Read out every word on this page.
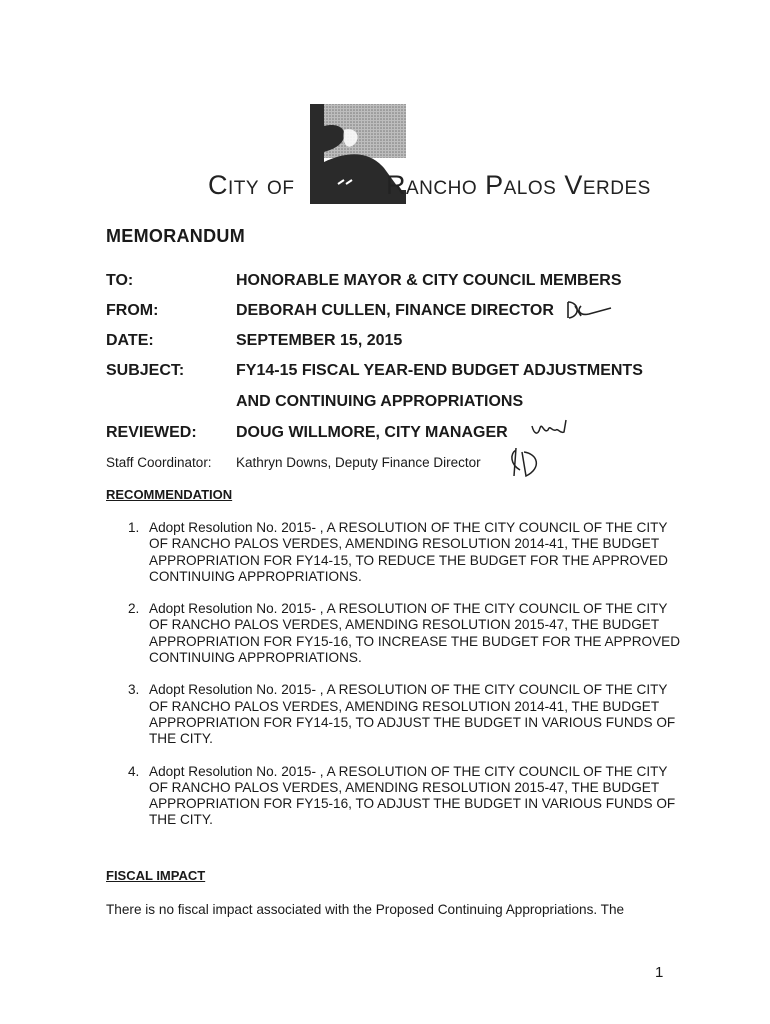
City of	Rancho Palos Verdes
MEMORANDUM
TO:	HONORABLE MAYOR & CITY COUNCIL MEMBERS
FROM:	DEBORAH CULLEN, FINANCE DIRECTOR
DATE:	SEPTEMBER 15, 2015
SUBJECT:	FY14-15 FISCAL YEAR-END BUDGET ADJUSTMENTS
AND CONTINUING APPROPRIATIONS
REVIEWED: DOUG WILLMORE, CITY MANAGER
Staff Coordinator: Kathryn Downs, Deputy Finance Director
RECOMMENDATION
1. Adopt Resolution No. 2015- , A RESOLUTION OF THE CITY COUNCIL OF THE CITY OF RANCHO PALOS VERDES, AMENDING RESOLUTION 2014-41, THE BUDGET APPROPRIATION FOR FY14-15, TO REDUCE THE BUDGET FOR THE APPROVED CONTINUING APPROPRIATIONS.
2. Adopt Resolution No. 2015- , A RESOLUTION OF THE CITY COUNCIL OF THE CITY OF RANCHO PALOS VERDES, AMENDING RESOLUTION 2015-47, THE BUDGET APPROPRIATION FOR FY15-16, TO INCREASE THE BUDGET FOR THE APPROVED CONTINUING APPROPRIATIONS.
3. Adopt Resolution No. 2015- , A RESOLUTION OF THE CITY COUNCIL OF THE CITY OF RANCHO PALOS VERDES, AMENDING RESOLUTION 2014-41, THE BUDGET APPROPRIATION FOR FY14-15, TO ADJUST THE BUDGET IN VARIOUS FUNDS OF THE CITY.
4. Adopt Resolution No. 2015- , A RESOLUTION OF THE CITY COUNCIL OF THE CITY OF RANCHO PALOS VERDES, AMENDING RESOLUTION 2015-47, THE BUDGET APPROPRIATION FOR FY15-16, TO ADJUST THE BUDGET IN VARIOUS FUNDS OF THE CITY.
FISCAL IMPACT
There is no fiscal impact associated with the Proposed Continuing Appropriations. The
1
